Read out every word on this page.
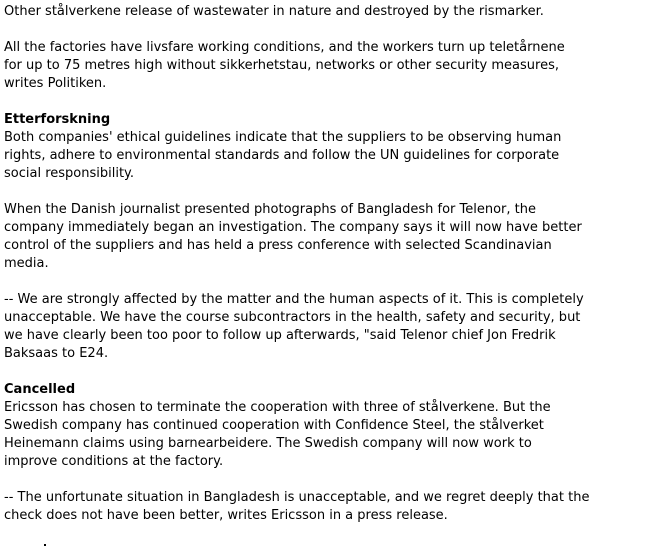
Other stålverkene release of wastewater in nature and destroyed by the rismarker.

All the factories have livsfare working conditions, and the workers turn up teletårnene
for up to 75 metres high without sikkerhetstau, networks or other security measures,
writes Politiken.

Etterforskning

Both companies' ethical guidelines indicate that the suppliers to be observing human
rights, adhere to environmental standards and follow the UN guidelines for corporate
social responsibility.

When the Danish journalist presented photographs of Bangladesh for Telenor, the
company immediately began an investigation. The company says it will now have better
control of the suppliers and has held a press conference with selected Scandinavian
media.

-- We are strongly affected by the matter and the human aspects of it. This is completely
unacceptable. We have the course subcontractors in the health, safety and security, but
we have clearly been too poor to follow up afterwards, "said Telenor chief Jon Fredrik
Baksaas to E24.

Cancelled

Ericsson has chosen to terminate the cooperation with three of stålverkene. But the
Swedish company has continued cooperation with Confidence Steel, the stålverket
Heinemann claims using barnearbeidere. The Swedish company will now work to
improve conditions at the factory.

-- The unfortunate situation in Bangladesh is unacceptable, and we regret deeply that the
check does not have been better, writes Ericsson in a press release.
